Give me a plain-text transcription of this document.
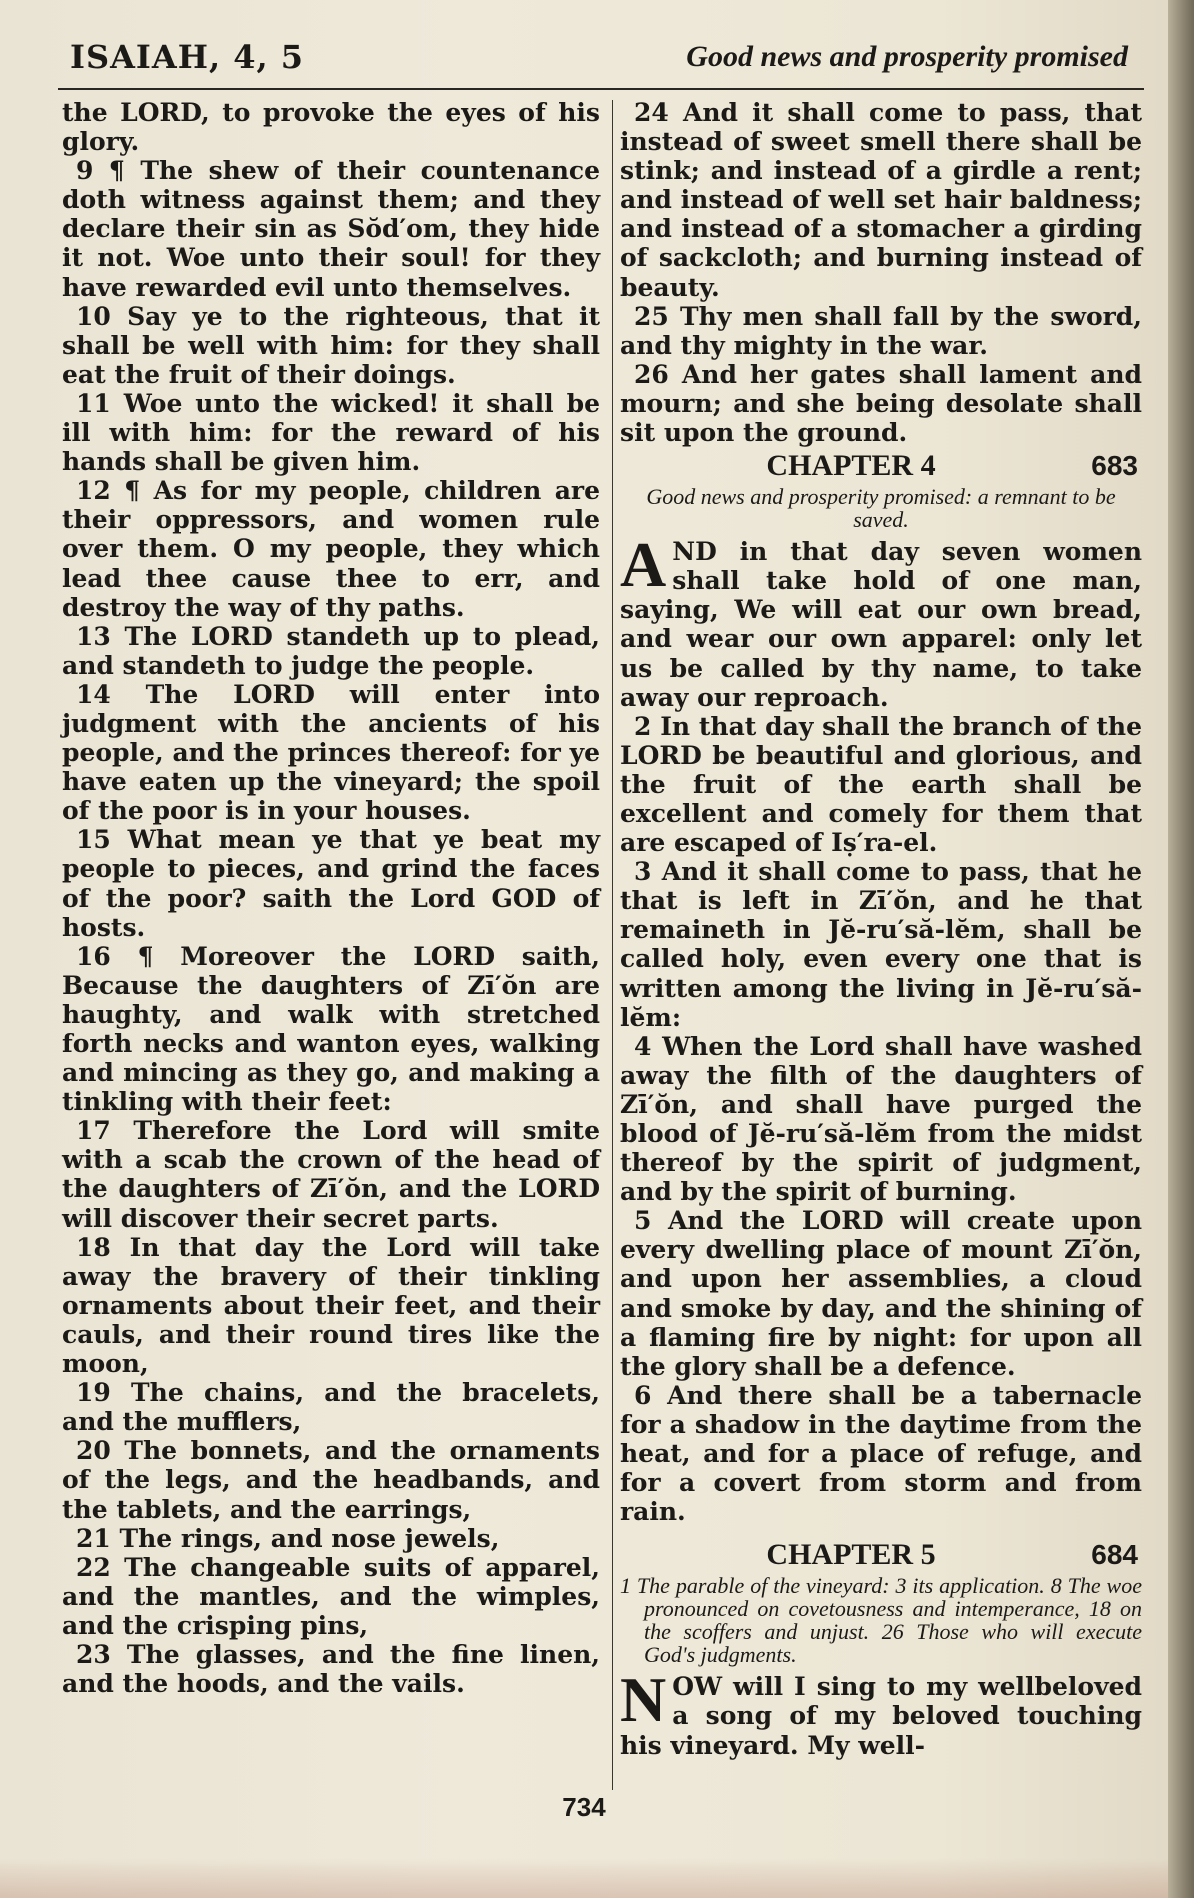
ISAIAH, 4, 5	Good news and prosperity promised

the LORD, to provoke the eyes of his glory.

9 ¶ The shew of their countenance doth witness against them; and they declare their sin as Sŏd′om, they hide it not. Woe unto their soul! for they have rewarded evil unto themselves.

10 Say ye to the righteous, that it shall be well with him: for they shall eat the fruit of their doings.

11 Woe unto the wicked! it shall be ill with him: for the reward of his hands shall be given him.

12 ¶ As for my people, children are their oppressors, and women rule over them. O my people, they which lead thee cause thee to err, and destroy the way of thy paths.

13 The LORD standeth up to plead, and standeth to judge the people.

14 The LORD will enter into judgment with the ancients of his people, and the princes thereof: for ye have eaten up the vineyard; the spoil of the poor is in your houses.

15 What mean ye that ye beat my people to pieces, and grind the faces of the poor? saith the Lord GOD of hosts.

16 ¶ Moreover the LORD saith, Because the daughters of Zī′ŏn are haughty, and walk with stretched forth necks and wanton eyes, walking and mincing as they go, and making a tinkling with their feet:

17 Therefore the Lord will smite with a scab the crown of the head of the daughters of Zī′ŏn, and the LORD will discover their secret parts.

18 In that day the Lord will take away the bravery of their tinkling ornaments about their feet, and their cauls, and their round tires like the moon,

19 The chains, and the bracelets, and the mufflers,

20 The bonnets, and the ornaments of the legs, and the headbands, and the tablets, and the earrings,

21 The rings, and nose jewels,

22 The changeable suits of apparel, and the mantles, and the wimples, and the crisping pins,

23 The glasses, and the fine linen, and the hoods, and the vails.

24 And it shall come to pass, that instead of sweet smell there shall be stink; and instead of a girdle a rent; and instead of well set hair baldness; and instead of a stomacher a girding of sackcloth; and burning instead of beauty.

25 Thy men shall fall by the sword, and thy mighty in the war.

26 And her gates shall lament and mourn; and she being desolate shall sit upon the ground.

CHAPTER 4	683

Good news and prosperity promised: a remnant to be saved.

AND in that day seven women shall take hold of one man, saying, We will eat our own bread, and wear our own apparel: only let us be called by thy name, to take away our reproach.

2 In that day shall the branch of the LORD be beautiful and glorious, and the fruit of the earth shall be excellent and comely for them that are escaped of Iṣ′ra-el.

3 And it shall come to pass, that he that is left in Zī′ŏn, and he that remaineth in Jĕ-ru′să-lĕm, shall be called holy, even every one that is written among the living in Jĕ-ru′să-lĕm:

4 When the Lord shall have washed away the filth of the daughters of Zī′ŏn, and shall have purged the blood of Jĕ-ru′să-lĕm from the midst thereof by the spirit of judgment, and by the spirit of burning.

5 And the LORD will create upon every dwelling place of mount Zī′ŏn, and upon her assemblies, a cloud and smoke by day, and the shining of a flaming fire by night: for upon all the glory shall be a defence.

6 And there shall be a tabernacle for a shadow in the daytime from the heat, and for a place of refuge, and for a covert from storm and from rain.

CHAPTER 5	684

1 The parable of the vineyard: 3 its application. 8 The woe pronounced on covetousness and intemperance, 18 on the scoffers and unjust. 26 Those who will execute God's judgments.

NOW will I sing to my wellbeloved a song of my beloved touching his vineyard. My well-

734
